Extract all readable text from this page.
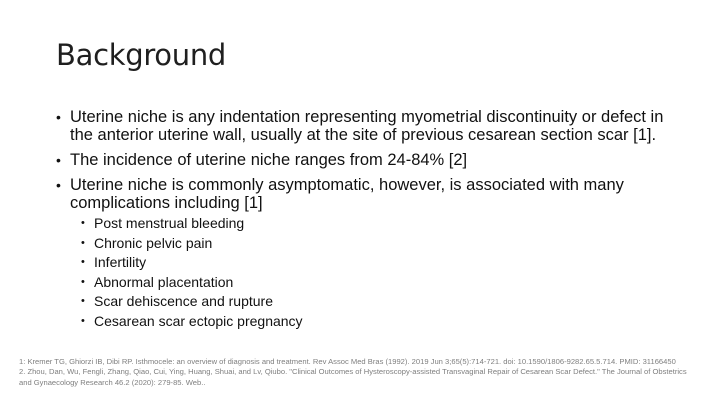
Background
• Uterine niche is any indentation representing myometrial discontinuity or defect in the anterior uterine wall, usually at the site of previous cesarean section scar [1].
• The incidence of uterine niche ranges from 24-84% [2]
• Uterine niche is commonly asymptomatic, however, is associated with many complications including [1]
• Post menstrual bleeding
• Chronic pelvic pain
• Infertility
• Abnormal placentation
• Scar dehiscence and rupture
• Cesarean scar ectopic pregnancy

1: Kremer TG, Ghiorzi IB, Dibi RP. Isthmocele: an overview of diagnosis and treatment. Rev Assoc Med Bras (1992). 2019 Jun 3;65(5):714-721. doi: 10.1590/1806-9282.65.5.714. PMID: 31166450

2. Zhou, Dan, Wu, Fengli, Zhang, Qiao, Cui, Ying, Huang, Shuai, and Lv, Qiubo. "Clinical Outcomes of Hysteroscopy-assisted Transvaginal Repair of Cesarean Scar Defect." The Journal of Obstetrics and Gynaecology Research 46.2 (2020): 279-85. Web..
